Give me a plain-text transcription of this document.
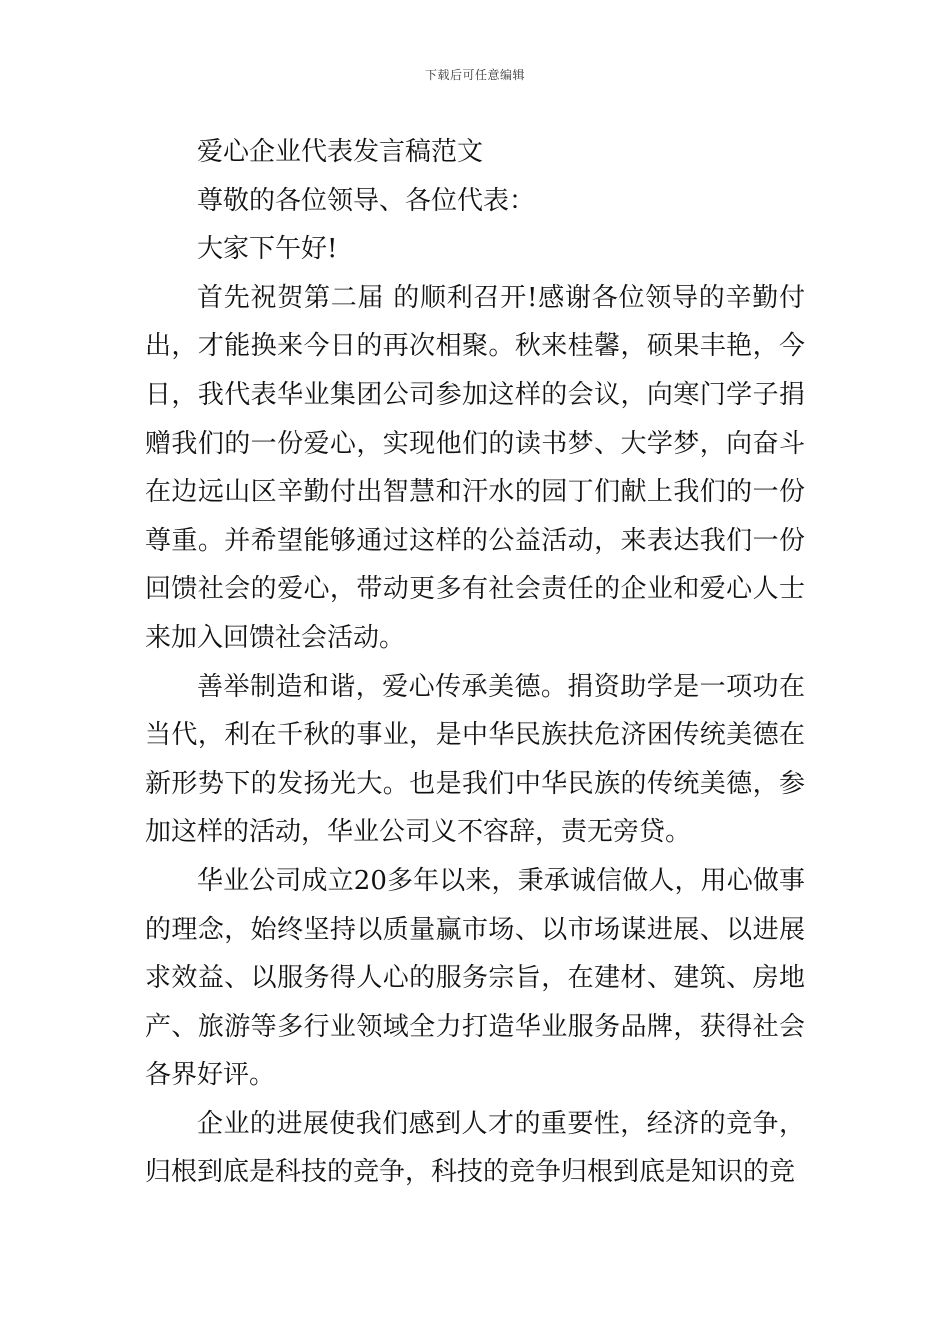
下载后可任意编辑

爱心企业代表发言稿范文

尊敬的各位领导、各位代表：

大家下午好!

首先祝贺第二届 的顺利召开!感谢各位领导的辛勤付出，才能换来今日的再次相聚。秋来桂馨，硕果丰艳，今日，我代表华业集团公司参加这样的会议，向寒门学子捐赠我们的一份爱心，实现他们的读书梦、大学梦，向奋斗在边远山区辛勤付出智慧和汗水的园丁们献上我们的一份尊重。并希望能够通过这样的公益活动，来表达我们一份回馈社会的爱心，带动更多有社会责任的企业和爱心人士来加入回馈社会活动。

善举制造和谐，爱心传承美德。捐资助学是一项功在当代，利在千秋的事业，是中华民族扶危济困传统美德在新形势下的发扬光大。也是我们中华民族的传统美德，参加这样的活动，华业公司义不容辞，责无旁贷。

华业公司成立20多年以来，秉承诚信做人，用心做事的理念，始终坚持以质量赢市场、以市场谋进展、以进展求效益、以服务得人心的服务宗旨，在建材、建筑、房地产、旅游等多行业领域全力打造华业服务品牌，获得社会各界好评。

企业的进展使我们感到人才的重要性，经济的竞争，归根到底是科技的竞争，科技的竞争归根到底是知识的竞
